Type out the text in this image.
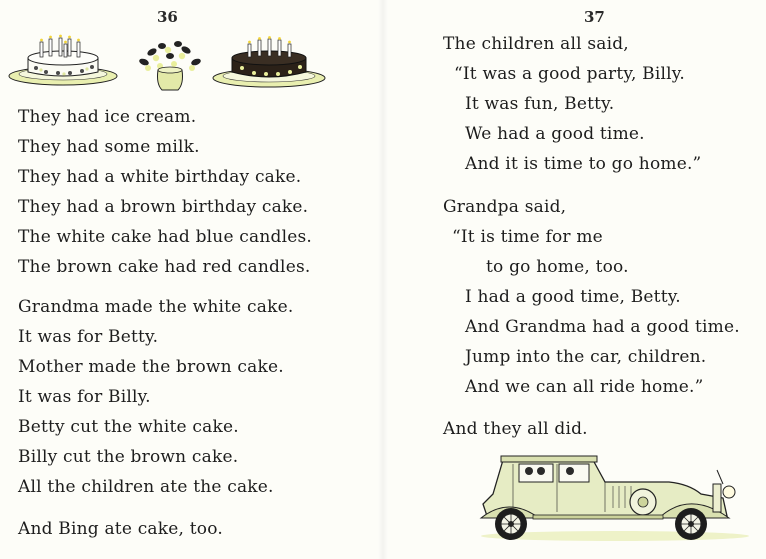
36
They had ice cream.
They had some milk.
They had a white birthday cake.
They had a brown birthday cake.
The white cake had blue candles.
The brown cake had red candles.
Grandma made the white cake.
It was for Betty.
Mother made the brown cake.
It was for Billy.
Betty cut the white cake.
Billy cut the brown cake.
All the children ate the cake.
And Bing ate cake, too.
37
The children all said,
“It was a good party, Billy.
It was fun, Betty.
We had a good time.
And it is time to go home.”
Grandpa said,
“It is time for me
to go home, too.
I had a good time, Betty.
And Grandma had a good time.
Jump into the car, children.
And we can all ride home.”
And they all did.
